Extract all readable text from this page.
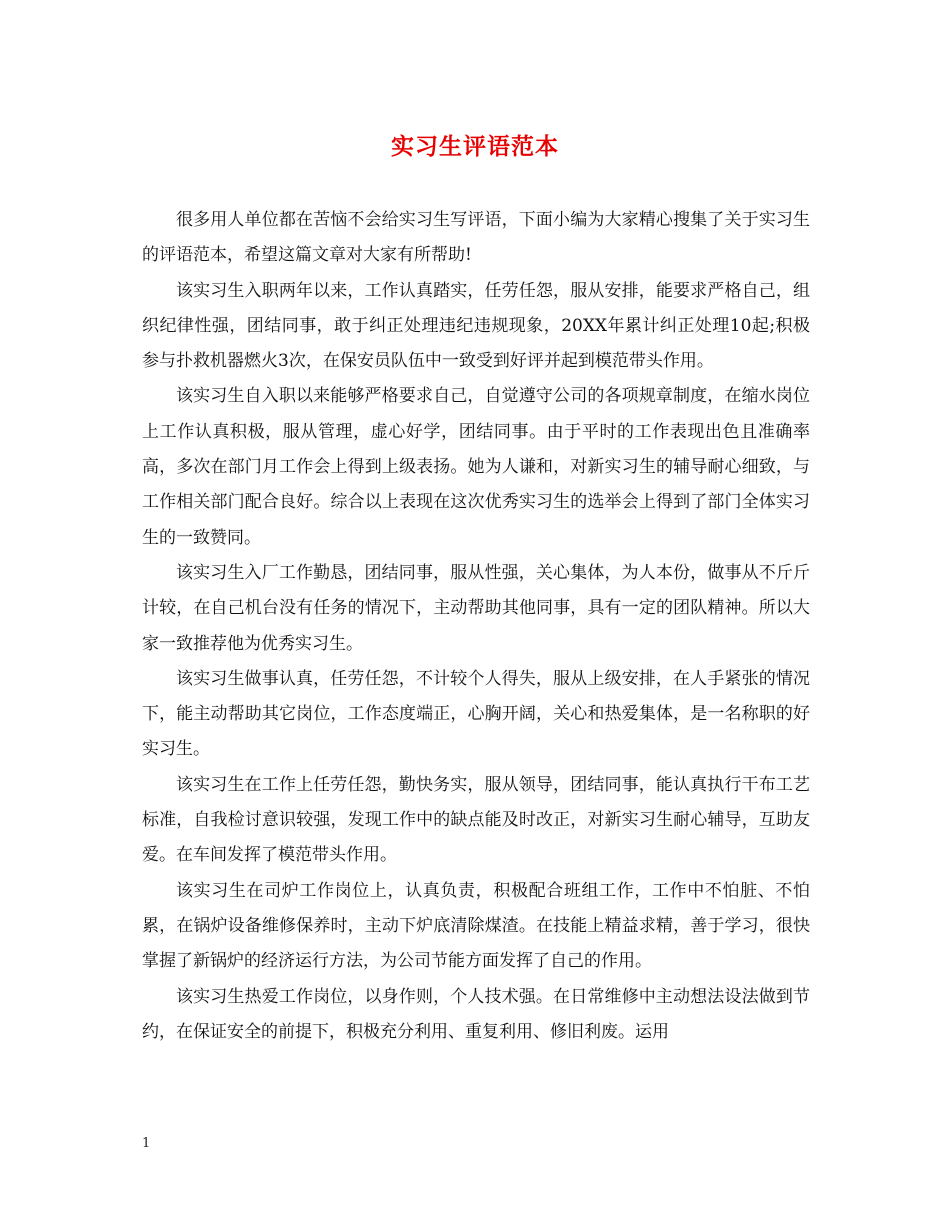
实习生评语范本

很多用人单位都在苦恼不会给实习生写评语，下面小编为大家精心搜集了关于实习生的评语范本，希望这篇文章对大家有所帮助!

该实习生入职两年以来，工作认真踏实，任劳任怨，服从安排，能要求严格自己，组织纪律性强，团结同事，敢于纠正处理违纪违规现象，20XX年累计纠正处理10起;积极参与扑救机器燃火3次，在保安员队伍中一致受到好评并起到模范带头作用。

该实习生自入职以来能够严格要求自己，自觉遵守公司的各项规章制度，在缩水岗位上工作认真积极，服从管理，虚心好学，团结同事。由于平时的工作表现出色且准确率高，多次在部门月工作会上得到上级表扬。她为人谦和，对新实习生的辅导耐心细致，与工作相关部门配合良好。综合以上表现在这次优秀实习生的选举会上得到了部门全体实习生的一致赞同。

该实习生入厂工作勤恳，团结同事，服从性强，关心集体，为人本份，做事从不斤斤计较，在自己机台没有任务的情况下，主动帮助其他同事，具有一定的团队精神。所以大家一致推荐他为优秀实习生。

该实习生做事认真，任劳任怨，不计较个人得失，服从上级安排，在人手紧张的情况下，能主动帮助其它岗位，工作态度端正，心胸开阔，关心和热爱集体，是一名称职的好实习生。

该实习生在工作上任劳任怨，勤快务实，服从领导，团结同事，能认真执行干布工艺标准，自我检讨意识较强，发现工作中的缺点能及时改正，对新实习生耐心辅导，互助友爱。在车间发挥了模范带头作用。

该实习生在司炉工作岗位上，认真负责，积极配合班组工作，工作中不怕脏、不怕累，在锅炉设备维修保养时，主动下炉底清除煤渣。在技能上精益求精，善于学习，很快掌握了新锅炉的经济运行方法，为公司节能方面发挥了自己的作用。

该实习生热爱工作岗位，以身作则，个人技术强。在日常维修中主动想法设法做到节约，在保证安全的前提下，积极充分利用、重复利用、修旧利废。运用

1
